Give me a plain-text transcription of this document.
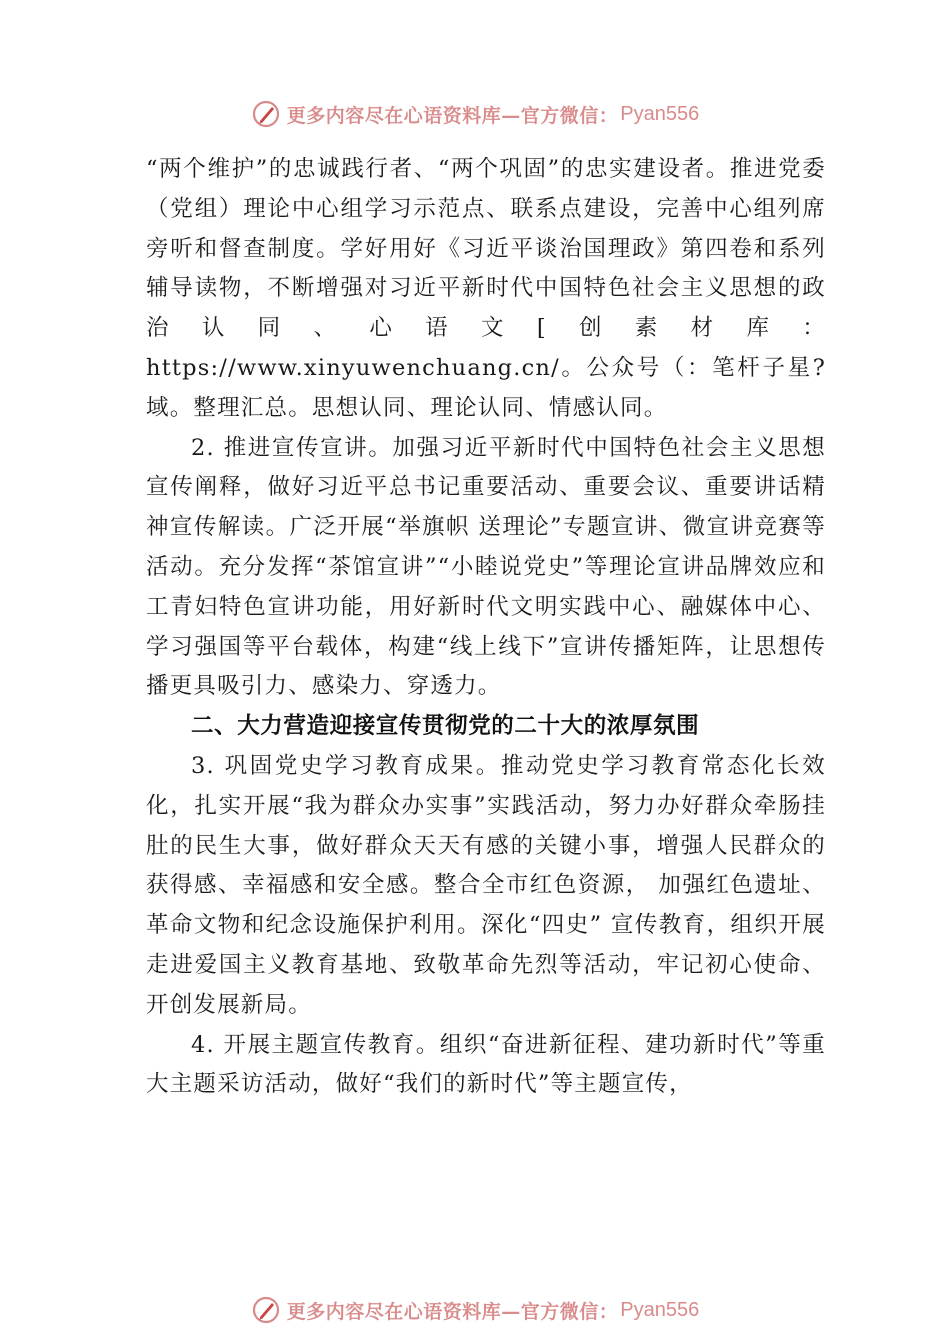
更多内容尽在心语资料库—官方微信： Pyan556

“两个维护”的忠诚践行者、“两个巩固”的忠实建设者。推进党委（党组）理论中心组学习示范点、联系点建设，完善中心组列席旁听和督查制度。学好用好《习近平谈治国理政》第四卷和系列辅导读物，不断增强对习近平新时代中国特色社会主义思想的政治认同、心语文[创素材库：https://www.xinyuwenchuang.cn/。公众号（：笔杆子星?域。整理汇总。思想认同、理论认同、情感认同。

2. 推进宣传宣讲。加强习近平新时代中国特色社会主义思想宣传阐释，做好习近平总书记重要活动、重要会议、重要讲话精神宣传解读。广泛开展“举旗帜 送理论”专题宣讲、微宣讲竞赛等活动。充分发挥“茶馆宣讲”“小睦说党史”等理论宣讲品牌效应和工青妇特色宣讲功能，用好新时代文明实践中心、融媒体中心、学习强国等平台载体，构建“线上线下”宣讲传播矩阵，让思想传播更具吸引力、感染力、穿透力。

二、大力营造迎接宣传贯彻党的二十大的浓厚氛围

3. 巩固党史学习教育成果。推动党史学习教育常态化长效化，扎实开展“我为群众办实事”实践活动，努力办好群众牵肠挂肚的民生大事，做好群众天天有感的关键小事，增强人民群众的获得感、幸福感和安全感。整合全市红色资源， 加强红色遗址、革命文物和纪念设施保护利用。深化“四史” 宣传教育，组织开展走进爱国主义教育基地、致敬革命先烈等活动，牢记初心使命、开创发展新局。

4. 开展主题宣传教育。组织“奋进新征程、建功新时代”等重大主题采访活动，做好“我们的新时代”等主题宣传，

更多内容尽在心语资料库—官方微信： Pyan556
